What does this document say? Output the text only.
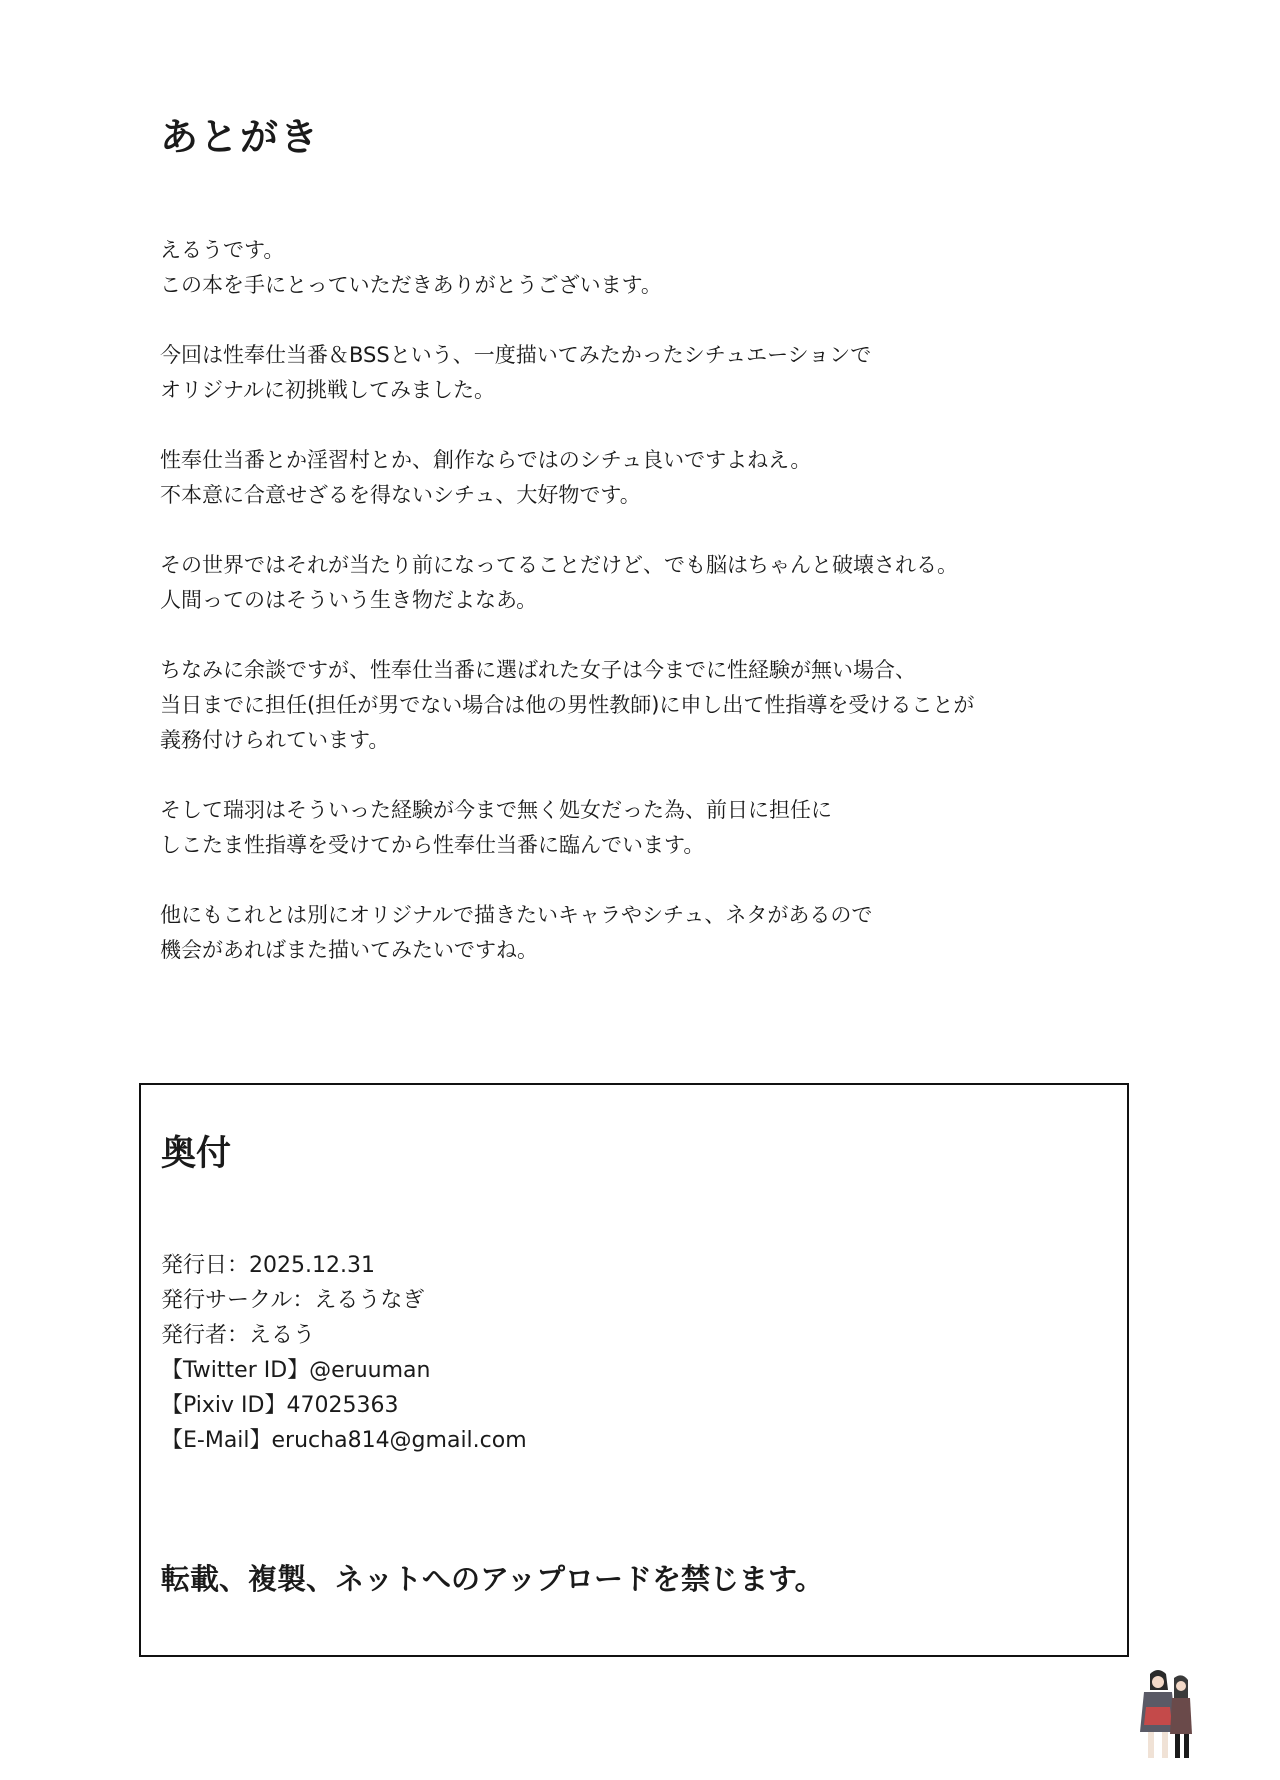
あとがき

えるうです。
この本を手にとっていただきありがとうございます。

今回は性奉仕当番＆BSSという、一度描いてみたかったシチュエーションで
オリジナルに初挑戦してみました。

性奉仕当番とか淫習村とか、創作ならではのシチュ良いですよねえ。
不本意に合意せざるを得ないシチュ、大好物です。

その世界ではそれが当たり前になってることだけど、でも脳はちゃんと破壊される。
人間ってのはそういう生き物だよなあ。

ちなみに余談ですが、性奉仕当番に選ばれた女子は今までに性経験が無い場合、
当日までに担任(担任が男でない場合は他の男性教師)に申し出て性指導を受けることが
義務付けられています。

そして瑞羽はそういった経験が今まで無く処女だった為、前日に担任に
しこたま性指導を受けてから性奉仕当番に臨んでいます。

他にもこれとは別にオリジナルで描きたいキャラやシチュ、ネタがあるので
機会があればまた描いてみたいですね。

奥付
発行日：2025.12.31
発行サークル：えるうなぎ
発行者：えるう
【Twitter ID】@eruuman
【Pixiv ID】47025363
【E-Mail】erucha814@gmail.com

転載、複製、ネットへのアップロードを禁じます。
